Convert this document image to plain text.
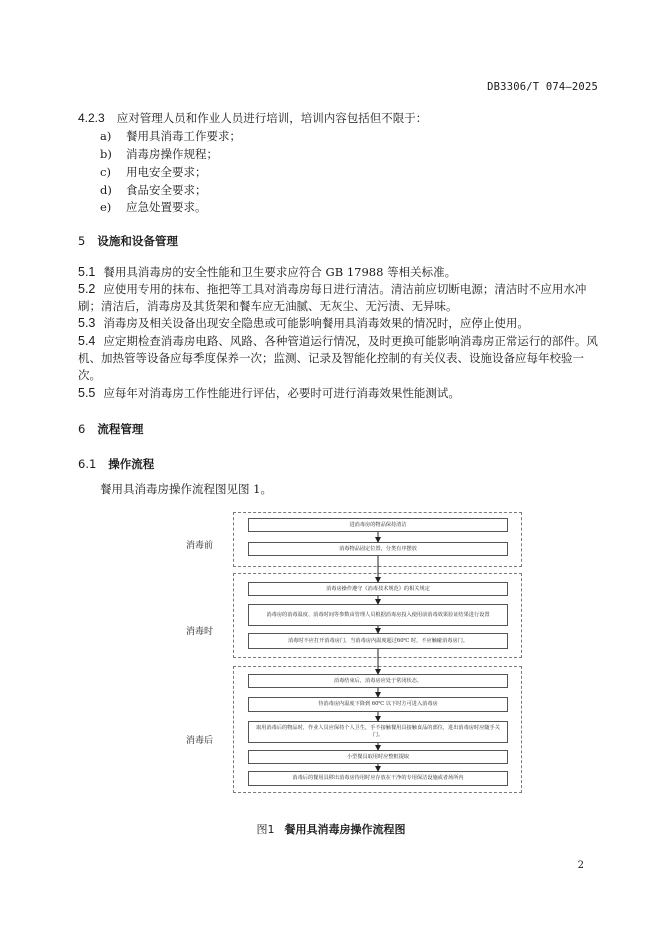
DB3306/T 074—2025
4.2.3 应对管理人员和作业人员进行培训，培训内容包括但不限于：
a) 餐用具消毒工作要求；
b) 消毒房操作规程；
c) 用电安全要求；
d) 食品安全要求；
e) 应急处置要求。
5 设施和设备管理
5.1 餐用具消毒房的安全性能和卫生要求应符合 GB 17988 等相关标准。
5.2 应使用专用的抹布、拖把等工具对消毒房每日进行清洁。清洁前应切断电源；清洁时不应用水冲刷；清洁后，消毒房及其货架和餐车应无油腻、无灰尘、无污渍、无异味。
5.3 消毒房及相关设备出现安全隐患或可能影响餐用具消毒效果的情况时，应停止使用。
5.4 应定期检查消毒房电路、风路、各种管道运行情况，及时更换可能影响消毒房正常运行的部件。风机、加热管等设备应每季度保养一次；监测、记录及智能化控制的有关仪表、设施设备应每年校验一次。
5.5 应每年对消毒房工作性能进行评估，必要时可进行消毒效果性能测试。
6 流程管理
6.1 操作流程
餐用具消毒房操作流程图见图 1。
消毒前
进消毒房的物品保持清洁
消毒物品固定位置，分类有序摆放
消毒时
消毒房操作遵守《消毒技术规范》的相关规定
消毒房的消毒温度、消毒时间等参数由管理人员根据消毒房投入使用前消毒效果验证结果进行设置
消毒时不应打开消毒房门，当消毒房内温度超过60℃ 时，不应触碰消毒房门。
消毒后
消毒结束后，消毒房应处于常闭状态。
待消毒房内温度下降到 60℃ 以下时方可进入消毒房
取用消毒后的物品时，作业人员应保持个人卫生，手不接触餐用具接触食品的部位，进出消毒房时应随手关门。
小型餐具取用时应整框提取
消毒后的餐用具移出消毒房待用时应存放在干净的专用保洁设施或者场所内
图1 餐用具消毒房操作流程图
2
